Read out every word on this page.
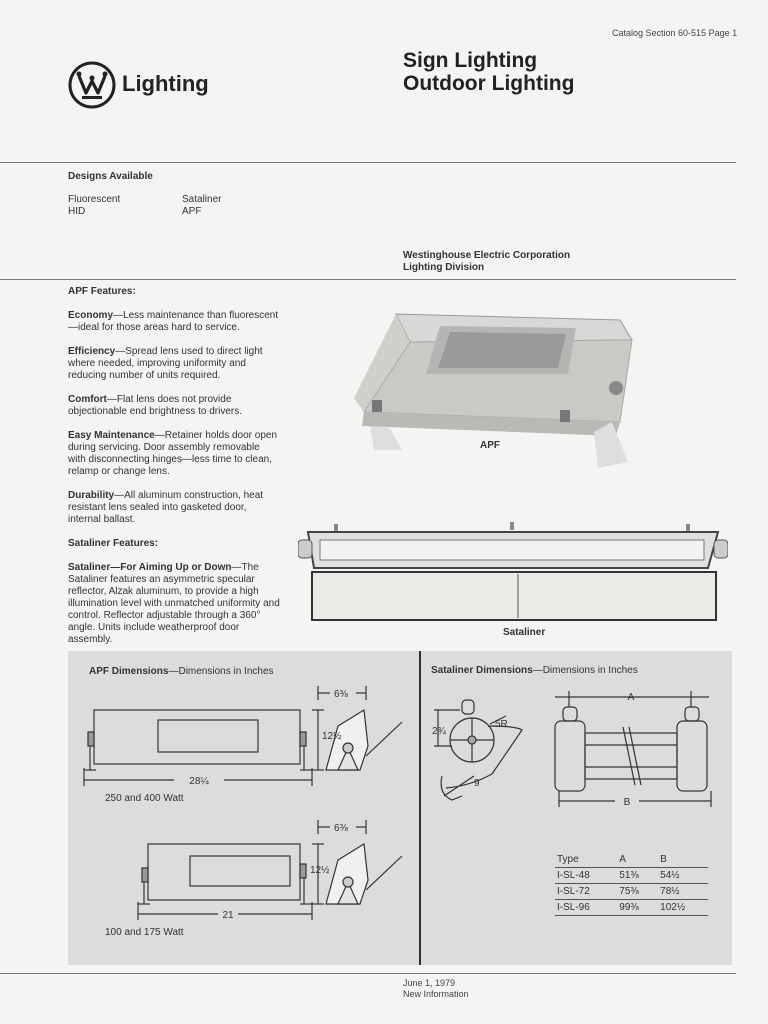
Catalog Section 60-515 Page 1
Lighting
Sign Lighting
Outdoor Lighting
Designs Available
Fluorescent
HID
Sataliner
APF
Westinghouse Electric Corporation
Lighting Division

APF Features:

Economy—Less maintenance than fluorescent—ideal for those areas hard to service.

Efficiency—Spread lens used to direct light where needed, improving uniformity and reducing number of units required.

Comfort—Flat lens does not provide objectionable end brightness to drivers.

Easy Maintenance—Retainer holds door open during servicing. Door assembly removable with disconnecting hinges—less time to clean, relamp or change lens.

Durability—All aluminum construction, heat resistant lens sealed into gasketed door, internal ballast.

Sataliner Features:

Sataliner—For Aiming Up or Down—The Sataliner features an asymmetric specular reflector, Alzak aluminum, to provide a high illumination level with unmatched uniformity and control. Reflector adjustable through a 360° angle. Units include weatherproof door assembly.

APF
Sataliner
APF Dimensions—Dimensions in Inches	Sataliner Dimensions—Dimensions in Inches
28¼
12½
6⅜
250 and 400 Watt
21
12½
6⅜
100 and 175 Watt
2¾
5R
9
A
B
Type	A	B
I-SL-48	51⅜	54½
I-SL-72	75⅜	78½
I-SL-96	99⅜	102½
June 1, 1979
New Information
